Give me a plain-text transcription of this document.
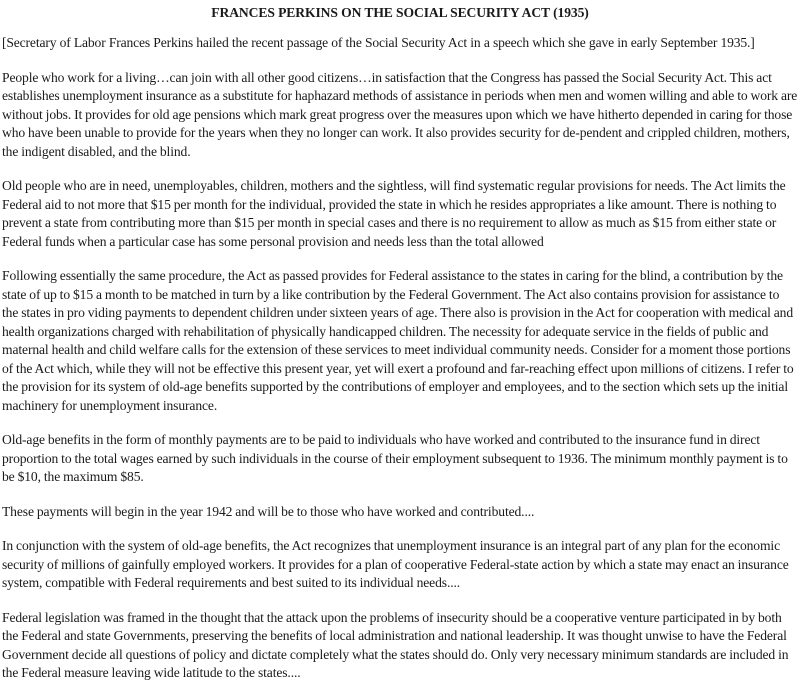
FRANCES PERKINS ON THE SOCIAL SECURITY ACT (1935)

[Secretary of Labor Frances Perkins hailed the recent passage of the Social Security Act in a speech which she gave in early September 1935.]

People who work for a living…can join with all other good citizens…in satisfaction that the Congress has passed the Social Security Act. This act establishes unemployment insurance as a substitute for haphazard methods of assistance in periods when men and women willing and able to work are without jobs. It provides for old age pensions which mark great progress over the measures upon which we have hitherto depended in caring for those who have been unable to provide for the years when they no longer can work. It also provides security for de-pendent and crippled children, mothers, the indigent disabled, and the blind.

Old people who are in need, unemployables, children, mothers and the sightless, will find systematic regular provisions for needs. The Act limits the Federal aid to not more that $15 per month for the individual, provided the state in which he resides appropriates a like amount. There is nothing to prevent a state from contributing more than $15 per month in special cases and there is no requirement to allow as much as $15 from either state or Federal funds when a particular case has some personal provision and needs less than the total allowed

Following essentially the same procedure, the Act as passed provides for Federal assistance to the states in caring for the blind, a contribution by the state of up to $15 a month to be matched in turn by a like contribution by the Federal Government. The Act also contains provision for assistance to the states in pro viding payments to dependent children under sixteen years of age. There also is provision in the Act for cooperation with medical and health organizations charged with rehabilitation of physically handicapped children. The necessity for adequate service in the fields of public and maternal health and child welfare calls for the extension of these services to meet individual community needs. Consider for a moment those portions of the Act which, while they will not be effective this present year, yet will exert a profound and far-reaching effect upon millions of citizens. I refer to the provision for its system of old-age benefits supported by the contributions of employer and employees, and to the section which sets up the initial machinery for unemployment insurance.

Old-age benefits in the form of monthly payments are to be paid to individuals who have worked and contributed to the insurance fund in direct proportion to the total wages earned by such individuals in the course of their employment subsequent to 1936. The minimum monthly payment is to be $10, the maximum $85.

These payments will begin in the year 1942 and will be to those who have worked and contributed....

In conjunction with the system of old-age benefits, the Act recognizes that unemployment insurance is an integral part of any plan for the economic security of millions of gainfully employed workers. It provides for a plan of cooperative Federal-state action by which a state may enact an insurance system, compatible with Federal requirements and best suited to its individual needs....

Federal legislation was framed in the thought that the attack upon the problems of insecurity should be a cooperative venture participated in by both the Federal and state Governments, preserving the benefits of local administration and national leadership. It was thought unwise to have the Federal Government decide all questions of policy and dictate completely what the states should do. Only very necessary minimum standards are included in the Federal measure leaving wide latitude to the states....
